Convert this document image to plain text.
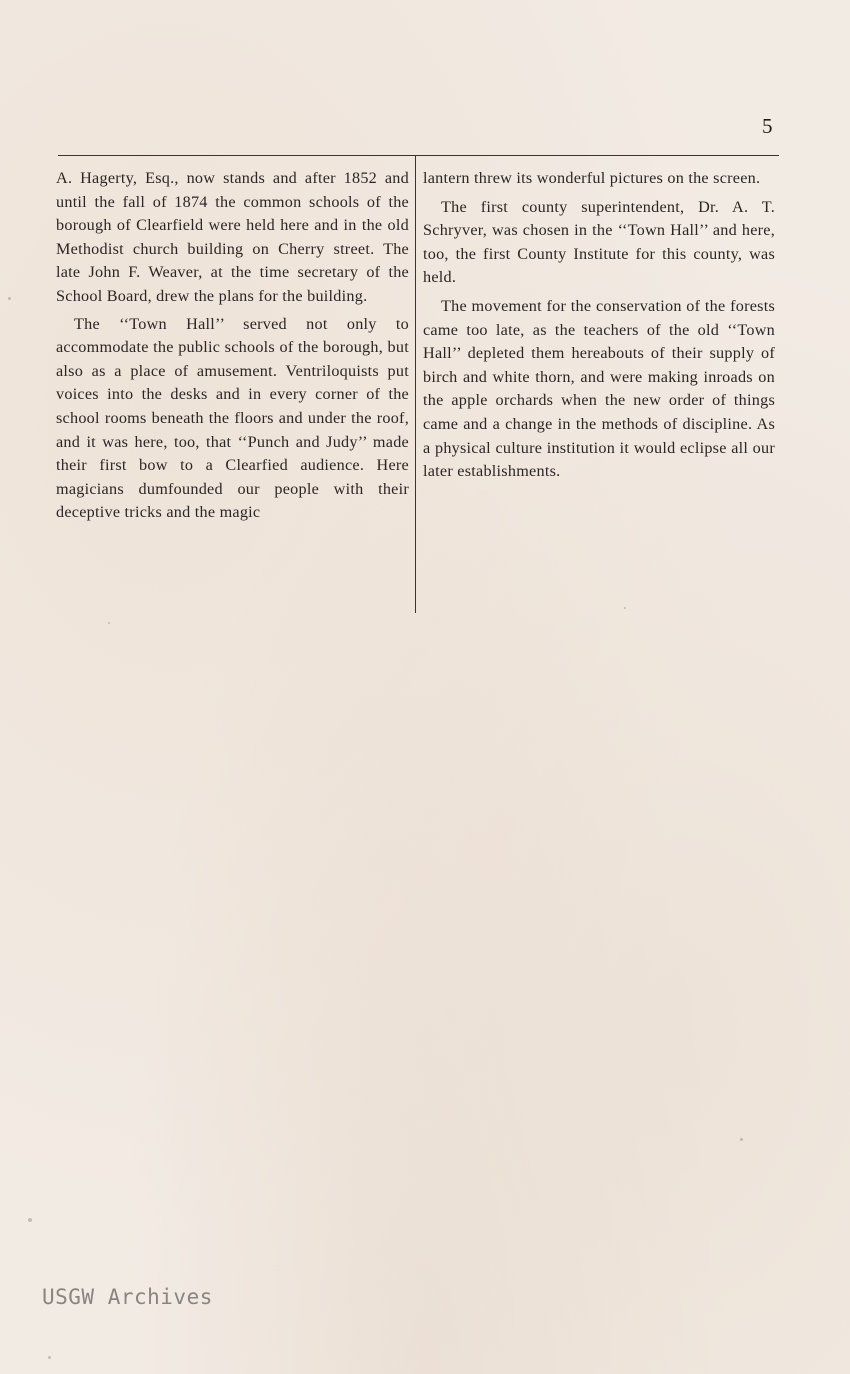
5

A. Hagerty, Esq., now stands and after 1852 and until the fall of 1874 the common schools of the borough of Clearfield were held here and in the old Methodist church building on Cherry street. The late John F. Weaver, at the time secretary of the School Board, drew the plans for the building.

The ‘‘Town Hall’’ served not only to accommodate the public schools of the borough, but also as a place of amusement. Ventriloquists put voices into the desks and in every corner of the school rooms beneath the floors and under the roof, and it was here, too, that ‘‘Punch and Judy’’ made their first bow to a Clearfied audience. Here magicians dumfounded our people with their deceptive tricks and the magic

lantern threw its wonderful pictures on the screen.

The first county superintendent, Dr. A. T. Schryver, was chosen in the ‘‘Town Hall’’ and here, too, the first County Institute for this county, was held.

The movement for the conservation of the forests came too late, as the teachers of the old ‘‘Town Hall’’ depleted them hereabouts of their supply of birch and white thorn, and were making inroads on the apple orchards when the new order of things came and a change in the methods of discipline. As a physical culture institution it would eclipse all our later establishments.

USGW Archives
